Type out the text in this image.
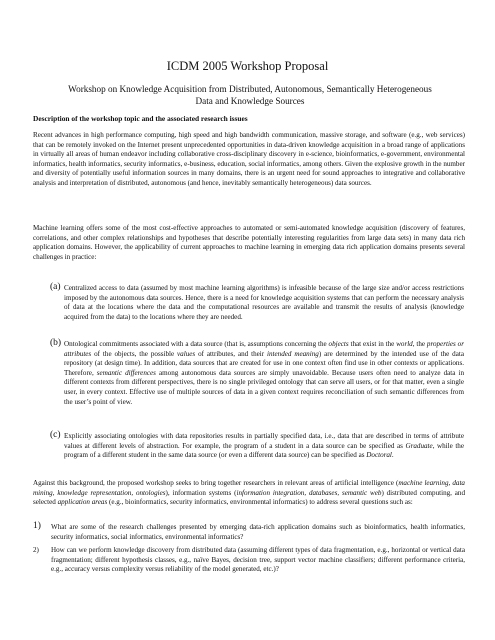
ICDM 2005 Workshop Proposal
Workshop on Knowledge Acquisition from Distributed, Autonomous, Semantically Heterogeneous Data and Knowledge Sources
Description of the workshop topic and the associated research issues
Recent advances in high performance computing, high speed and high bandwidth communication, massive storage, and software (e.g., web services) that can be remotely invoked on the Internet present unprecedented opportunities in data-driven knowledge acquisition in a broad range of applications in virtually all areas of human endeavor including collaborative cross-disciplinary discovery in e-science, bioinformatics, e-government, environmental informatics, health informatics, security informatics, e-business, education, social informatics, among others. Given the explosive growth in the number and diversity of potentially useful information sources in many domains, there is an urgent need for sound approaches to integrative and collaborative analysis and interpretation of distributed, autonomous (and hence, inevitably semantically heterogeneous) data sources.
Machine learning offers some of the most cost-effective approaches to automated or semi-automated knowledge acquisition (discovery of features, correlations, and other complex relationships and hypotheses that describe potentially interesting regularities from large data sets) in many data rich application domains. However, the applicability of current approaches to machine learning in emerging data rich application domains presents several challenges in practice:
(a) Centralized access to data (assumed by most machine learning algorithms) is infeasible because of the large size and/or access restrictions imposed by the autonomous data sources. Hence, there is a need for knowledge acquisition systems that can perform the necessary analysis of data at the locations where the data and the computational resources are available and transmit the results of analysis (knowledge acquired from the data) to the locations where they are needed.
(b) Ontological commitments associated with a data source (that is, assumptions concerning the objects that exist in the world, the properties or attributes of the objects, the possible values of attributes, and their intended meaning) are determined by the intended use of the data repository (at design time). In addition, data sources that are created for use in one context often find use in other contexts or applications. Therefore, semantic differences among autonomous data sources are simply unavoidable. Because users often need to analyze data in different contexts from different perspectives, there is no single privileged ontology that can serve all users, or for that matter, even a single user, in every context. Effective use of multiple sources of data in a given context requires reconciliation of such semantic differences from the user’s point of view.
(c) Explicitly associating ontologies with data repositories results in partially specified data, i.e., data that are described in terms of attribute values at different levels of abstraction. For example, the program of a student in a data source can be specified as Graduate, while the program of a different student in the same data source (or even a different data source) can be specified as Doctoral.
Against this background, the proposed workshop seeks to bring together researchers in relevant areas of artificial intelligence (machine learning, data mining, knowledge representation, ontologies), information systems (information integration, databases, semantic web) distributed computing, and selected application areas (e.g., bioinformatics, security informatics, environmental informatics) to address several questions such as:
1) What are some of the research challenges presented by emerging data-rich application domains such as bioinformatics, health informatics, security informatics, social informatics, environmental informatics?
2) How can we perform knowledge discovery from distributed data (assuming different types of data fragmentation, e.g., horizontal or vertical data fragmentation; different hypothesis classes, e.g., naïve Bayes, decision tree, support vector machine classifiers; different performance criteria, e.g., accuracy versus complexity versus reliability of the model generated, etc.)?
